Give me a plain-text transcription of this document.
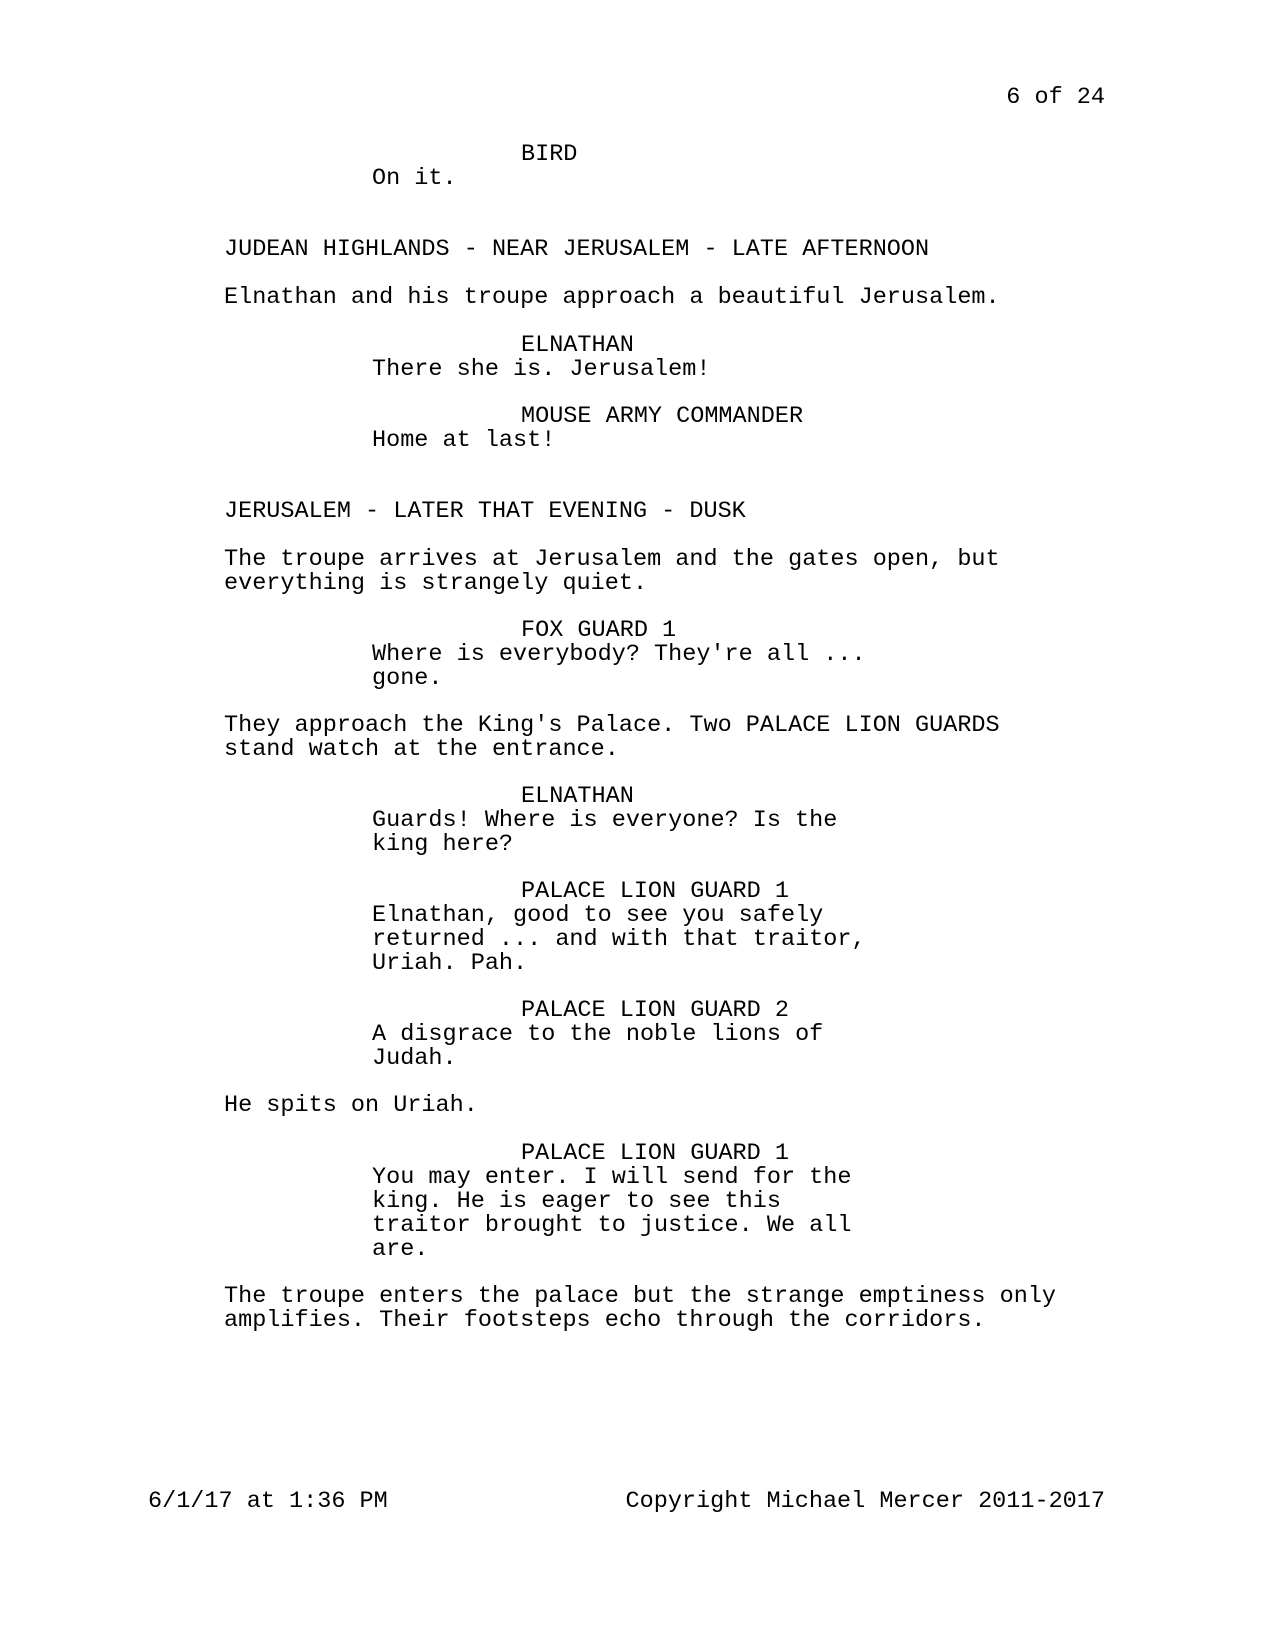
6 of 24
BIRD
On it.
JUDEAN HIGHLANDS - NEAR JERUSALEM - LATE AFTERNOON
Elnathan and his troupe approach a beautiful Jerusalem.
ELNATHAN
There she is. Jerusalem!
MOUSE ARMY COMMANDER
Home at last!
JERUSALEM - LATER THAT EVENING - DUSK
The troupe arrives at Jerusalem and the gates open, but
everything is strangely quiet.
FOX GUARD 1
Where is everybody? They're all ...
gone.
They approach the King's Palace. Two PALACE LION GUARDS
stand watch at the entrance.
ELNATHAN
Guards! Where is everyone? Is the
king here?
PALACE LION GUARD 1
Elnathan, good to see you safely
returned ... and with that traitor,
Uriah. Pah.
PALACE LION GUARD 2
A disgrace to the noble lions of
Judah.
He spits on Uriah.
PALACE LION GUARD 1
You may enter. I will send for the
king. He is eager to see this
traitor brought to justice. We all
are.
The troupe enters the palace but the strange emptiness only
amplifies. Their footsteps echo through the corridors.
6/1/17 at 1:36 PM	Copyright Michael Mercer 2011-2017
